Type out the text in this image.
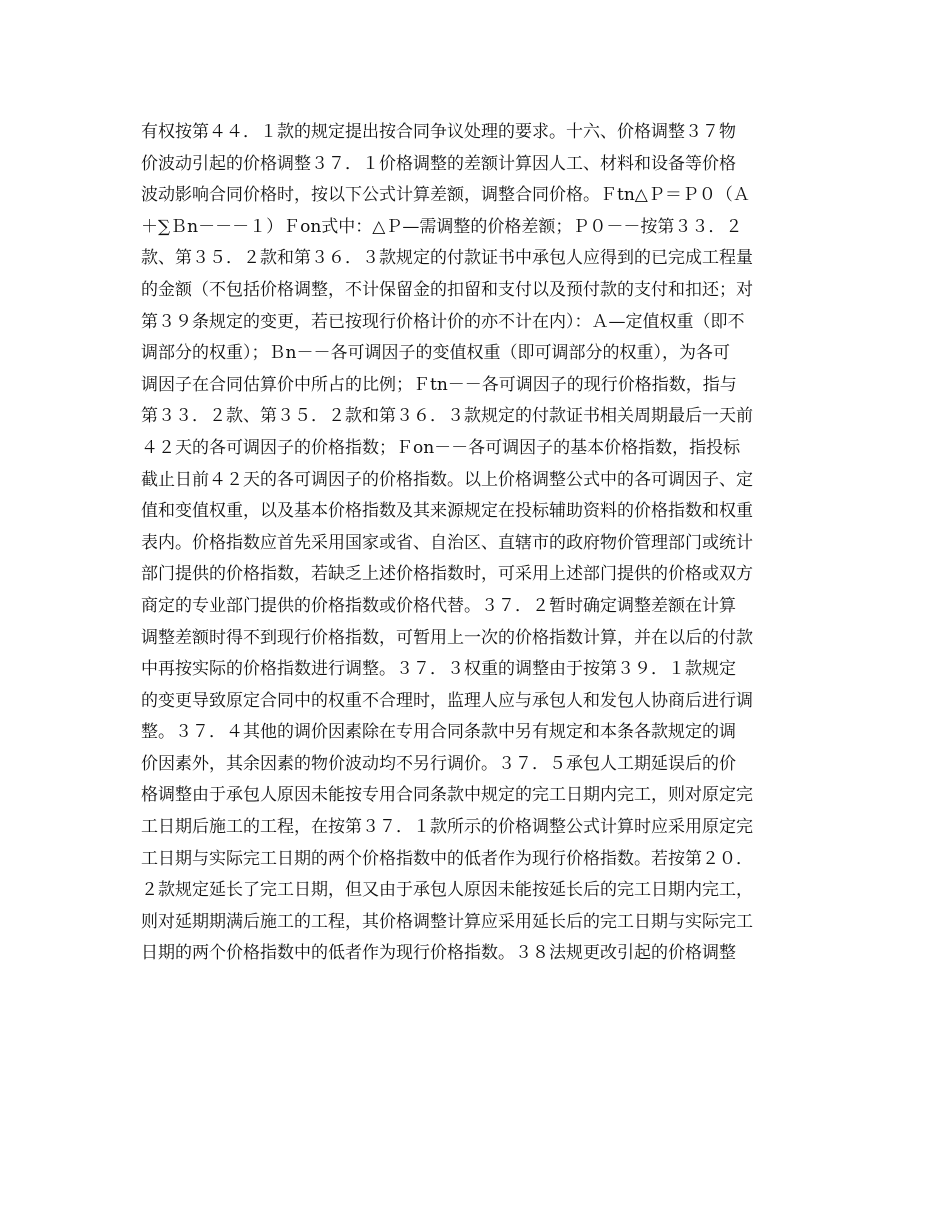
有权按第４４．１款的规定提出按合同争议处理的要求。十六、价格调整３７物
价波动引起的价格调整３７．１价格调整的差额计算因人工、材料和设备等价格
波动影响合同价格时，按以下公式计算差额，调整合同价格。Ｆtn△Ｐ＝Ｐ０（Ａ
＋∑Ｂn－－－１）Ｆon式中：△Ｐ—需调整的价格差额；Ｐ０－－按第３３．２
款、第３５．２款和第３６．３款规定的付款证书中承包人应得到的已完成工程量
的金额（不包括价格调整，不计保留金的扣留和支付以及预付款的支付和扣还；对
第３９条规定的变更，若已按现行价格计价的亦不计在内）：Ａ—定值权重（即不
调部分的权重）；Ｂn－－各可调因子的变值权重（即可调部分的权重），为各可
调因子在合同估算价中所占的比例；Ｆtn－－各可调因子的现行价格指数，指与
第３３．２款、第３５．２款和第３６．３款规定的付款证书相关周期最后一天前
４２天的各可调因子的价格指数；Ｆon－－各可调因子的基本价格指数，指投标
截止日前４２天的各可调因子的价格指数。以上价格调整公式中的各可调因子、定
值和变值权重，以及基本价格指数及其来源规定在投标辅助资料的价格指数和权重
表内。价格指数应首先采用国家或省、自治区、直辖市的政府物价管理部门或统计
部门提供的价格指数，若缺乏上述价格指数时，可采用上述部门提供的价格或双方
商定的专业部门提供的价格指数或价格代替。３７．２暂时确定调整差额在计算
调整差额时得不到现行价格指数，可暂用上一次的价格指数计算，并在以后的付款
中再按实际的价格指数进行调整。３７．３权重的调整由于按第３９．１款规定
的变更导致原定合同中的权重不合理时，监理人应与承包人和发包人协商后进行调
整。３７．４其他的调价因素除在专用合同条款中另有规定和本条各款规定的调
价因素外，其余因素的物价波动均不另行调价。３７．５承包人工期延误后的价
格调整由于承包人原因未能按专用合同条款中规定的完工日期内完工，则对原定完
工日期后施工的工程，在按第３７．１款所示的价格调整公式计算时应采用原定完
工日期与实际完工日期的两个价格指数中的低者作为现行价格指数。若按第２０．
２款规定延长了完工日期，但又由于承包人原因未能按延长后的完工日期内完工，
则对延期期满后施工的工程，其价格调整计算应采用延长后的完工日期与实际完工
日期的两个价格指数中的低者作为现行价格指数。３８法规更改引起的价格调整
